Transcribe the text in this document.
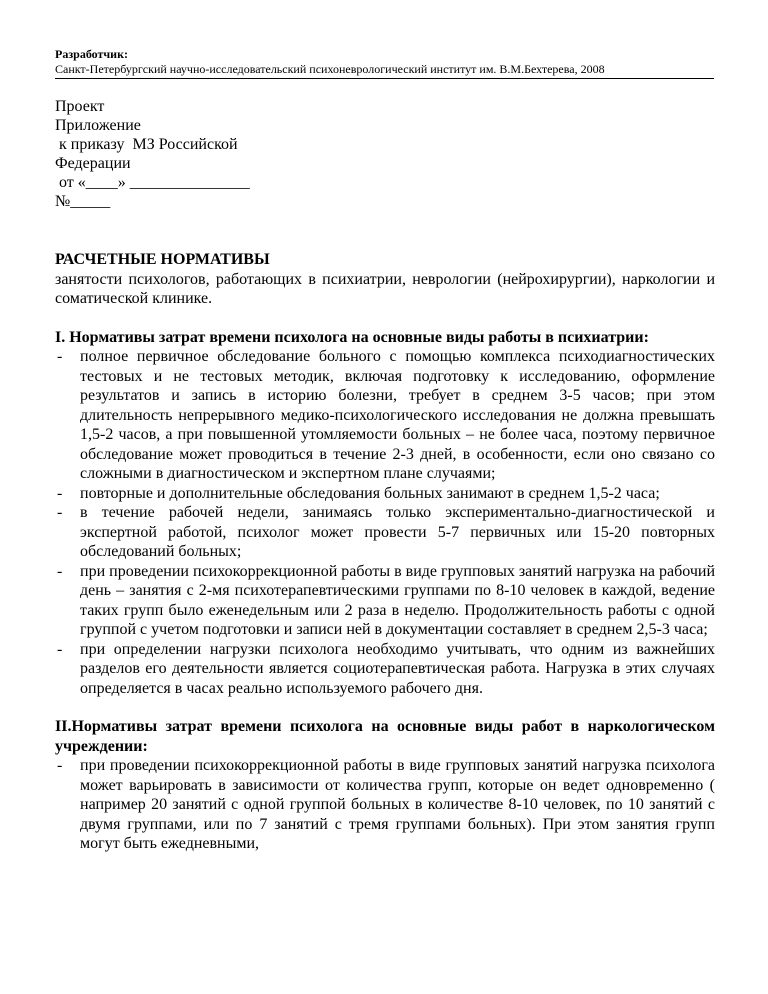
Разработчик:
Санкт-Петербургский научно-исследовательский психоневрологический институт им. В.М.Бехтерева, 2008
Проект
Приложение
к приказу  МЗ Российской
Федерации
от «____» _______________
№_____
РАСЧЕТНЫЕ НОРМАТИВЫ

занятости психологов, работающих в психиатрии, неврологии (нейрохирургии), наркологии и соматической клинике.

I. Нормативы затрат времени психолога на основные виды работы в психиатрии:
- полное первичное обследование больного с помощью комплекса психодиагностических тестовых и не тестовых методик, включая подготовку к исследованию, оформление результатов и запись в историю болезни, требует в среднем 3-5 часов; при этом длительность непрерывного медико-психологического исследования не должна превышать 1,5-2 часов, а при повышенной утомляемости больных – не более часа, поэтому первичное обследование может проводиться в течение 2-3 дней, в особенности, если оно связано со сложными в диагностическом и экспертном плане случаями;
- повторные и дополнительные обследования больных занимают в среднем 1,5-2 часа;
- в течение рабочей недели, занимаясь только экспериментально-диагностической и экспертной работой, психолог может провести 5-7 первичных или 15-20 повторных обследований больных;
- при проведении психокоррекционной работы в виде групповых занятий нагрузка на рабочий день – занятия с 2-мя психотерапевтическими группами по 8-10 человек в каждой, ведение таких групп было еженедельным или 2 раза в неделю. Продолжительность работы с одной группой с учетом подготовки и записи ней в документации составляет в среднем 2,5-3 часа;
- при определении нагрузки психолога необходимо учитывать, что одним из важнейших разделов его деятельности является социотерапевтическая работа. Нагрузка в этих случаях определяется в часах реально используемого рабочего дня.
II.Нормативы затрат времени психолога на основные виды работ в наркологическом учреждении:
- при проведении психокоррекционной работы в виде групповых занятий нагрузка психолога может варьировать в зависимости от количества групп, которые он ведет одновременно ( например 20 занятий с одной группой больных в количестве 8-10 человек, по 10 занятий с двумя группами, или по 7 занятий с тремя группами больных). При этом занятия групп могут быть ежедневными,
